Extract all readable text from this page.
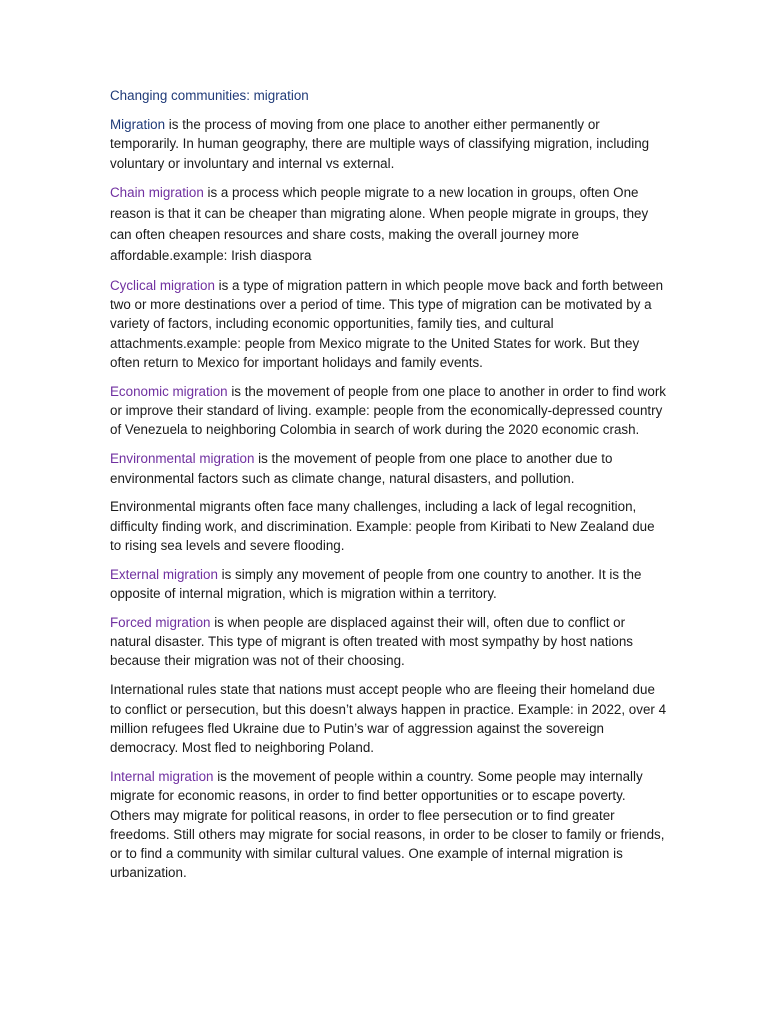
Changing communities: migration

Migration is the process of moving from one place to another either permanently or temporarily. In human geography, there are multiple ways of classifying migration, including voluntary or involuntary and internal vs external.

Chain migration is a process which people migrate to a new location in groups, often One reason is that it can be cheaper than migrating alone. When people migrate in groups, they can often cheapen resources and share costs, making the overall journey more affordable.example: Irish diaspora

Cyclical migration is a type of migration pattern in which people move back and forth between two or more destinations over a period of time. This type of migration can be motivated by a variety of factors, including economic opportunities, family ties, and cultural attachments.example: people from Mexico migrate to the United States for work. But they often return to Mexico for important holidays and family events.

Economic migration is the movement of people from one place to another in order to find work or improve their standard of living. example: people from the economically-depressed country of Venezuela to neighboring Colombia in search of work during the 2020 economic crash.

Environmental migration is the movement of people from one place to another due to environmental factors such as climate change, natural disasters, and pollution.

Environmental migrants often face many challenges, including a lack of legal recognition, difficulty finding work, and discrimination. Example: people from Kiribati to New Zealand due to rising sea levels and severe flooding.

External migration is simply any movement of people from one country to another. It is the opposite of internal migration, which is migration within a territory.

Forced migration is when people are displaced against their will, often due to conflict or natural disaster. This type of migrant is often treated with most sympathy by host nations because their migration was not of their choosing.

International rules state that nations must accept people who are fleeing their homeland due to conflict or persecution, but this doesn’t always happen in practice. Example: in 2022, over 4 million refugees fled Ukraine due to Putin’s war of aggression against the sovereign democracy. Most fled to neighboring Poland.

Internal migration is the movement of people within a country. Some people may internally migrate for economic reasons, in order to find better opportunities or to escape poverty. Others may migrate for political reasons, in order to flee persecution or to find greater freedoms. Still others may migrate for social reasons, in order to be closer to family or friends, or to find a community with similar cultural values. One example of internal migration is urbanization.
